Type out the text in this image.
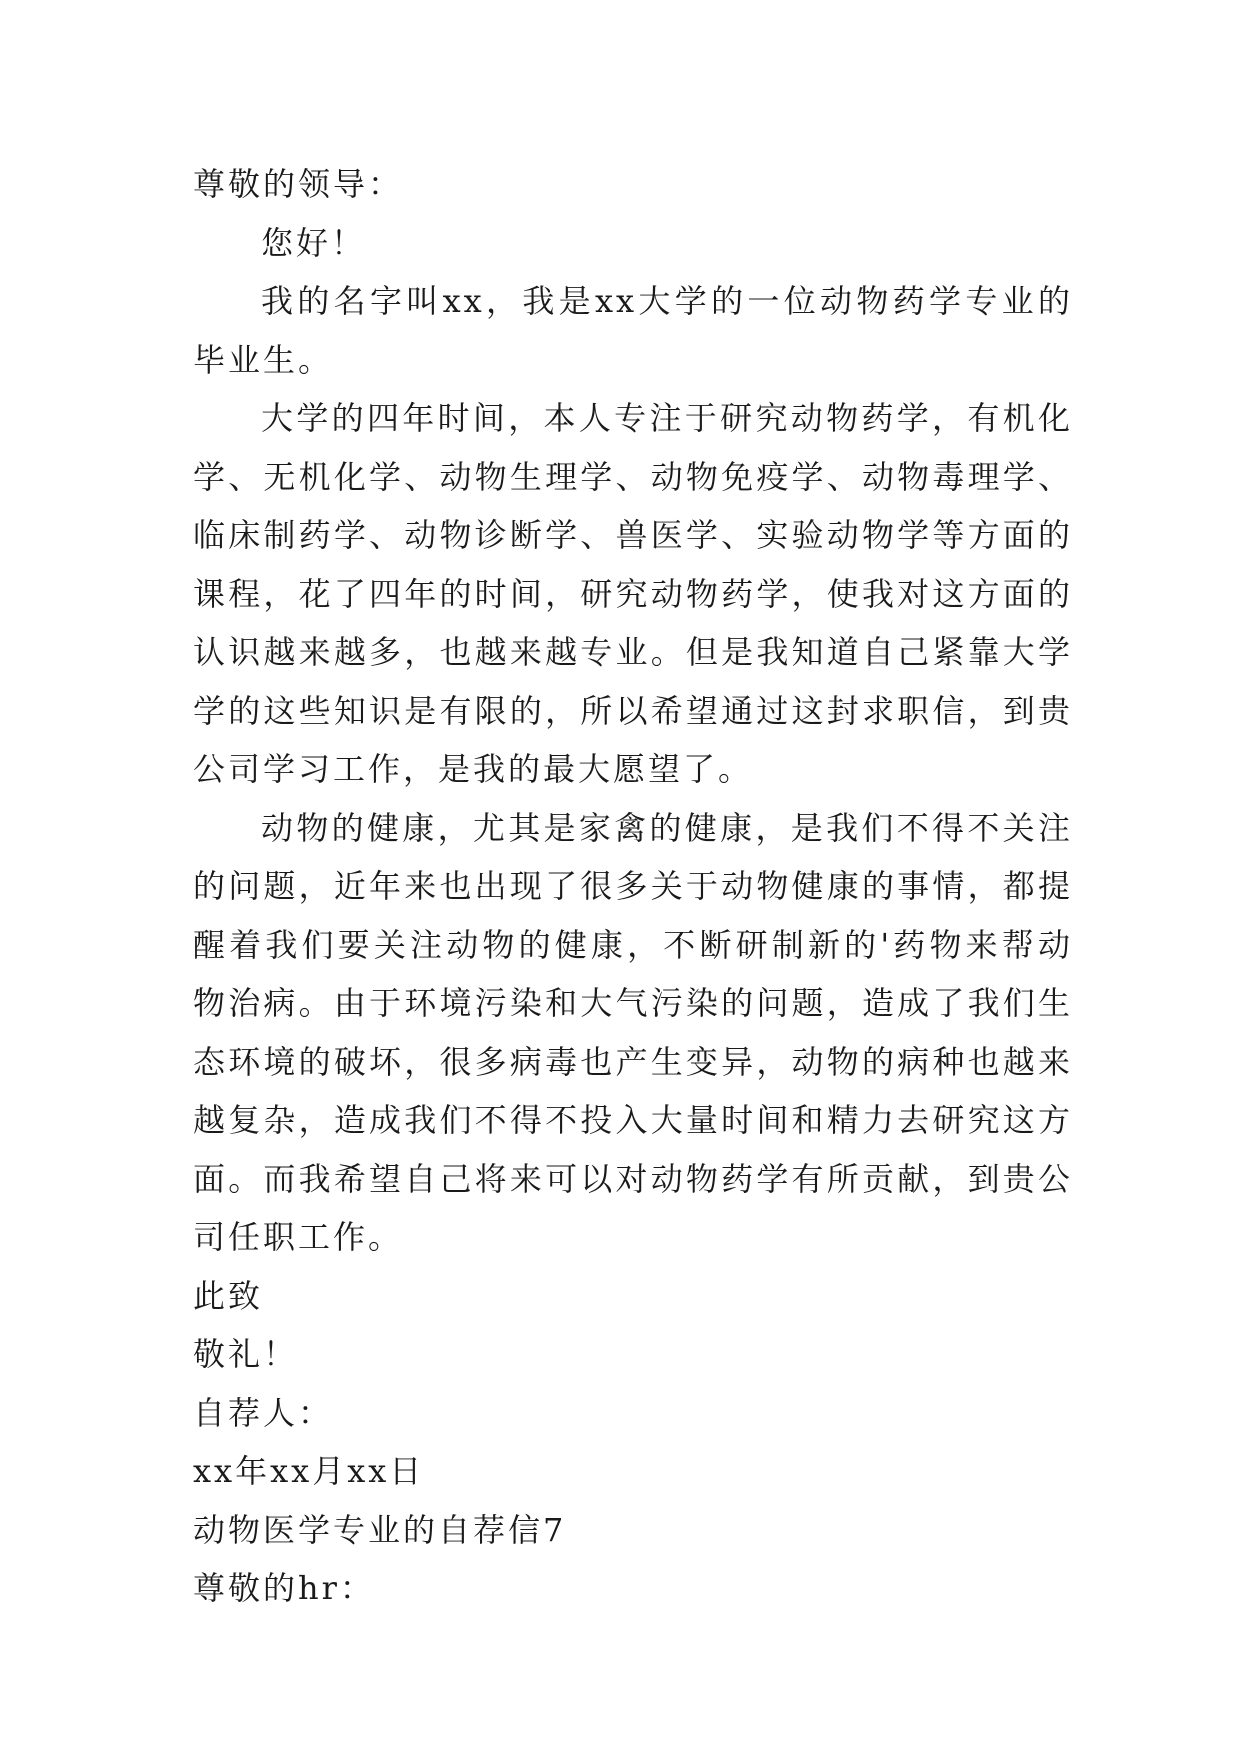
尊敬的领导：

您好！

我的名字叫xx，我是xx大学的一位动物药学专业的毕业生。

大学的四年时间，本人专注于研究动物药学，有机化学、无机化学、动物生理学、动物免疫学、动物毒理学、临床制药学、动物诊断学、兽医学、实验动物学等方面的课程，花了四年的时间，研究动物药学，使我对这方面的认识越来越多，也越来越专业。但是我知道自己紧靠大学学的这些知识是有限的，所以希望通过这封求职信，到贵公司学习工作，是我的最大愿望了。

动物的健康，尤其是家禽的健康，是我们不得不关注的问题，近年来也出现了很多关于动物健康的事情，都提醒着我们要关注动物的健康，不断研制新的'药物来帮动物治病。由于环境污染和大气污染的问题，造成了我们生态环境的破坏，很多病毒也产生变异，动物的病种也越来越复杂，造成我们不得不投入大量时间和精力去研究这方面。而我希望自己将来可以对动物药学有所贡献，到贵公司任职工作。

此致

敬礼！

自荐人：

xx年xx月xx日

动物医学专业的自荐信7

尊敬的hr：
